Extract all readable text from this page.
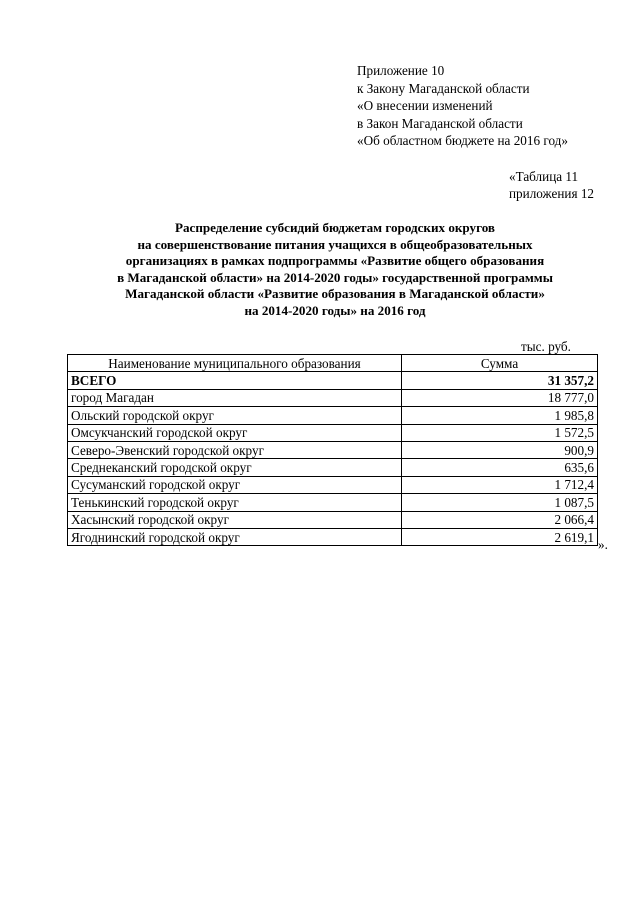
Приложение 10
к Закону Магаданской области
«О внесении изменений
в Закон Магаданской области
«Об областном бюджете на 2016 год»
«Таблица 11
приложения 12
Распределение субсидий бюджетам городских округов
на совершенствование питания учащихся в общеобразовательных
организациях в рамках подпрограммы «Развитие общего образования
в Магаданской области» на 2014-2020 годы» государственной программы
Магаданской области «Развитие образования в Магаданской области»
на 2014-2020 годы» на 2016 год
тыс. руб.
Наименование муниципального образования	Сумма
ВСЕГО	31 357,2
город Магадан	18 777,0
Ольский городской округ	1 985,8
Омсукчанский городской округ	1 572,5
Северо-Эвенский городской округ	900,9
Среднеканский городской округ	635,6
Сусуманский городской округ	1 712,4
Тенькинский городской округ	1 087,5
Хасынский городской округ	2 066,4
Ягоднинский городской округ	2 619,1 ».
